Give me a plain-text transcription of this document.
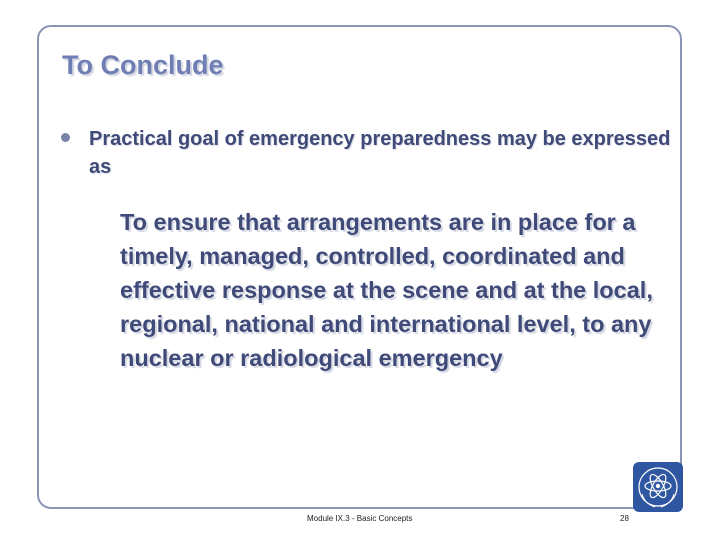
To Conclude
Practical goal of emergency preparedness may be expressed as
To ensure that arrangements are in place for a timely, managed, controlled, coordinated and effective response at the scene and at the local, regional, national and international level, to any nuclear or radiological emergency
Module IX.3 - Basic Concepts	28
